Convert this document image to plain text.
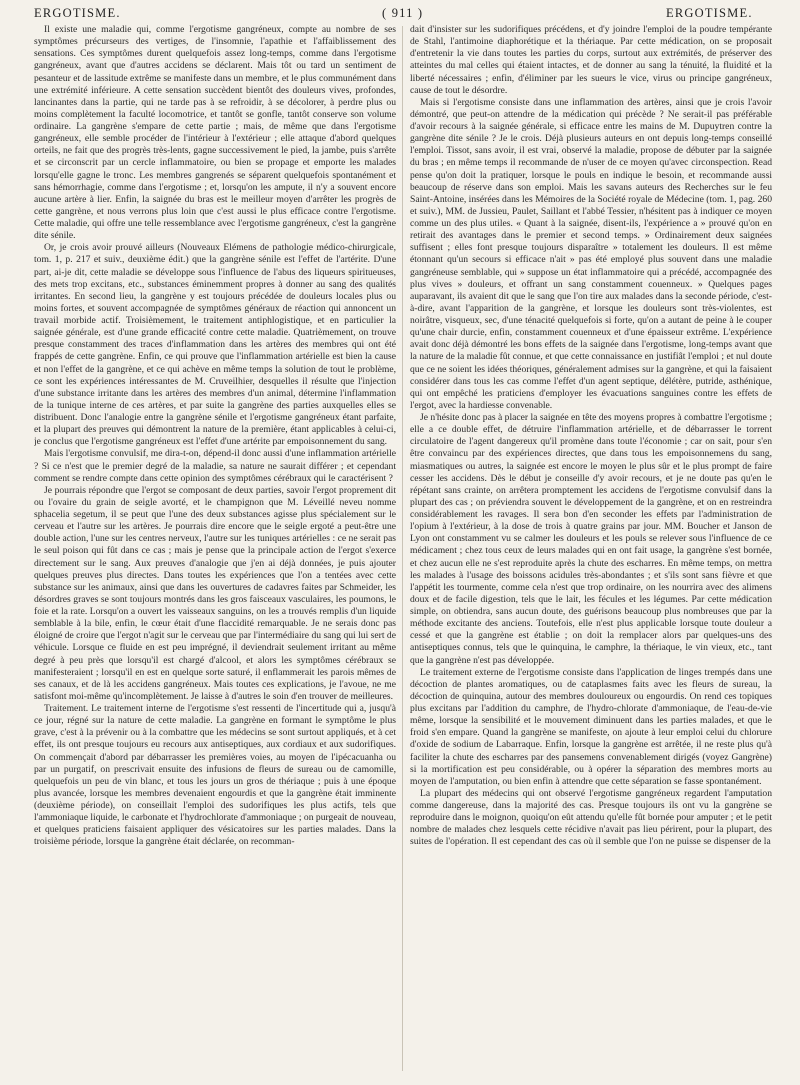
ERGOTISME.	( 911 )	ERGOTISME.

Il existe une maladie qui, comme l'ergotisme gangréneux, compte au nombre de ses symptômes précurseurs des vertiges, de l'insomnie, l'apathie et l'affaiblissement des sensations. Ces symptômes durent quelquefois assez long-temps, comme dans l'ergotisme gangréneux, avant que d'autres accidens se déclarent. Mais tôt ou tard un sentiment de pesanteur et de lassitude extrême se manifeste dans un membre, et le plus communément dans une extrémité inférieure. A cette sensation succèdent bientôt des douleurs vives, profondes, lancinantes dans la partie, qui ne tarde pas à se refroidir, à se décolorer, à perdre plus ou moins complètement la faculté locomotrice, et tantôt se gonfle, tantôt conserve son volume ordinaire. La gangrène s'empare de cette partie ; mais, de même que dans l'ergotisme gangréneux, elle semble procéder de l'intérieur à l'extérieur ; elle attaque d'abord quelques orteils, ne fait que des progrès très-lents, gagne successivement le pied, la jambe, puis s'arrête et se circonscrit par un cercle inflammatoire, ou bien se propage et emporte les malades lorsqu'elle gagne le tronc. Les membres gangrenés se séparent quelquefois spontanément et sans hémorrhagie, comme dans l'ergotisme ; et, lorsqu'on les ampute, il n'y a souvent encore aucune artère à lier. Enfin, la saignée du bras est le meilleur moyen d'arrêter les progrès de cette gangrène, et nous verrons plus loin que c'est aussi le plus efficace contre l'ergotisme. Cette maladie, qui offre une telle ressemblance avec l'ergotisme gangréneux, c'est la gangrène dite sénile.

Or, je crois avoir prouvé ailleurs (Nouveaux Elémens de pathologie médico-chirurgicale, tom. 1, p. 217 et suiv., deuxième édit.) que la gangrène sénile est l'effet de l'artérite. D'une part, ai-je dit, cette maladie se développe sous l'influence de l'abus des liqueurs spiritueuses, des mets trop excitans, etc., substances éminemment propres à donner au sang des qualités irritantes. En second lieu, la gangrène y est toujours précédée de douleurs locales plus ou moins fortes, et souvent accompagnée de symptômes généraux de réaction qui annoncent un travail morbide actif. Troisièmement, le traitement antiphlogistique, et en particulier la saignée générale, est d'une grande efficacité contre cette maladie. Quatrièmement, on trouve presque constamment des traces d'inflammation dans les artères des membres qui ont été frappés de cette gangrène. Enfin, ce qui prouve que l'inflammation artérielle est bien la cause et non l'effet de la gangrène, et ce qui achève en même temps la solution de tout le problème, ce sont les expériences intéressantes de M. Cruveilhier, desquelles il résulte que l'injection d'une substance irritante dans les artères des membres d'un animal, détermine l'inflammation de la tunique interne de ces artères, et par suite la gangrène des parties auxquelles elles se distribuent. Donc l'analogie entre la gangrène sénile et l'ergotisme gangréneux étant parfaite, et la plupart des preuves qui démontrent la nature de la première, étant applicables à celui-ci, je conclus que l'ergotisme gangréneux est l'effet d'une artérite par empoisonnement du sang.

Mais l'ergotisme convulsif, me dira-t-on, dépend-il donc aussi d'une inflammation artérielle ? Si ce n'est que le premier degré de la maladie, sa nature ne saurait différer ; et cependant comment se rendre compte dans cette opinion des symptômes cérébraux qui le caractérisent ?

Je pourrais répondre que l'ergot se composant de deux parties, savoir l'ergot proprement dit ou l'ovaire du grain de seigle avorté, et le champignon que M. Léveillé neveu nomme sphacelia segetum, il se peut que l'une des deux substances agisse plus spécialement sur le cerveau et l'autre sur les artères. Je pourrais dire encore que le seigle ergoté a peut-être une double action, l'une sur les centres nerveux, l'autre sur les tuniques artérielles : ce ne serait pas le seul poison qui fût dans ce cas ; mais je pense que la principale action de l'ergot s'exerce directement sur le sang. Aux preuves d'analogie que j'en ai déjà données, je puis ajouter quelques preuves plus directes. Dans toutes les expériences que l'on a tentées avec cette substance sur les animaux, ainsi que dans les ouvertures de cadavres faites par Schmeider, les désordres graves se sont toujours montrés dans les gros faisceaux vasculaires, les poumons, le foie et la rate. Lorsqu'on a ouvert les vaisseaux sanguins, on les a trouvés remplis d'un liquide semblable à la bile, enfin, le cœur était d'une flaccidité remarquable. Je ne serais donc pas éloigné de croire que l'ergot n'agit sur le cerveau que par l'intermédiaire du sang qui lui sert de véhicule. Lorsque ce fluide en est peu imprégné, il deviendrait seulement irritant au même degré à peu près que lorsqu'il est chargé d'alcool, et alors les symptômes cérébraux se manifesteraient ; lorsqu'il en est en quelque sorte saturé, il enflammerait les parois mêmes de ses canaux, et de là les accidens gangréneux. Mais toutes ces explications, je l'avoue, ne me satisfont moi-même qu'incomplètement. Je laisse à d'autres le soin d'en trouver de meilleures.

Traitement. Le traitement interne de l'ergotisme s'est ressenti de l'incertitude qui a, jusqu'à ce jour, régné sur la nature de cette maladie. La gangrène en formant le symptôme le plus grave, c'est à la prévenir ou à la combattre que les médecins se sont surtout appliqués, et à cet effet, ils ont presque toujours eu recours aux antiseptiques, aux cordiaux et aux sudorifiques. On commençait d'abord par débarrasser les premières voies, au moyen de l'ipécacuanha ou par un purgatif, on prescrivait ensuite des infusions de fleurs de sureau ou de camomille, quelquefois un peu de vin blanc, et tous les jours un gros de thériaque ; puis à une époque plus avancée, lorsque les membres devenaient engourdis et que la gangrène était imminente (deuxième période), on conseillait l'emploi des sudorifiques les plus actifs, tels que l'ammoniaque liquide, le carbonate et l'hydrochlorate d'ammoniaque ; on purgeait de nouveau, et quelques praticiens faisaient appliquer des vésicatoires sur les parties malades. Dans la troisième période, lorsque la gangrène était déclarée, on recomman-

dait d'insister sur les sudorifiques précédens, et d'y joindre l'emploi de la poudre tempérante de Stahl, l'antimoine diaphorétique et la thériaque. Par cette médication, on se proposait d'entretenir la vie dans toutes les parties du corps, surtout aux extrémités, de préserver des atteintes du mal celles qui étaient intactes, et de donner au sang la ténuité, la fluidité et la liberté nécessaires ; enfin, d'éliminer par les sueurs le vice, virus ou principe gangréneux, cause de tout le désordre.

Mais si l'ergotisme consiste dans une inflammation des artères, ainsi que je crois l'avoir démontré, que peut-on attendre de la médication qui précède ? Ne serait-il pas préférable d'avoir recours à la saignée générale, si efficace entre les mains de M. Dupuytren contre la gangrène dite sénile ? Je le crois. Déjà plusieurs auteurs en ont depuis long-temps conseillé l'emploi. Tissot, sans avoir, il est vrai, observé la maladie, propose de débuter par la saignée du bras ; en même temps il recommande de n'user de ce moyen qu'avec circonspection. Read pense qu'on doit la pratiquer, lorsque le pouls en indique le besoin, et recommande aussi beaucoup de réserve dans son emploi. Mais les savans auteurs des Recherches sur le feu Saint-Antoine, insérées dans les Mémoires de la Société royale de Médecine (tom. 1, pag. 260 et suiv.), MM. de Jussieu, Paulet, Saillant et l'abbé Tessier, n'hésitent pas à indiquer ce moyen comme un des plus utiles. « Quant à la saignée, disent-ils, l'expérience a » prouvé qu'on en retirait des avantages dans le premier et second temps. » Ordinairement deux saignées suffisent ; elles font presque toujours disparaître » totalement les douleurs. Il est même étonnant qu'un secours si efficace n'ait » pas été employé plus souvent dans une maladie gangréneuse semblable, qui » suppose un état inflammatoire qui a précédé, accompagnée des plus vives » douleurs, et offrant un sang constamment couenneux. » Quelques pages auparavant, ils avaient dit que le sang que l'on tire aux malades dans la seconde période, c'est-à-dire, avant l'apparition de la gangrène, et lorsque les douleurs sont très-violentes, est noirâtre, visqueux, sec, d'une ténacité quelquefois si forte, qu'on a autant de peine à le couper qu'une chair durcie, enfin, constamment couenneux et d'une épaisseur extrême. L'expérience avait donc déjà démontré les bons effets de la saignée dans l'ergotisme, long-temps avant que la nature de la maladie fût connue, et que cette connaissance en justifiât l'emploi ; et nul doute que ce ne soient les idées théoriques, généralement admises sur la gangrène, et qui la faisaient considérer dans tous les cas comme l'effet d'un agent septique, délétère, putride, asthénique, qui ont empêché les praticiens d'employer les évacuations sanguines contre les effets de l'ergot, avec la hardiesse convenable.

Je n'hésite donc pas à placer la saignée en tête des moyens propres à combattre l'ergotisme ; elle a ce double effet, de détruire l'inflammation artérielle, et de débarrasser le torrent circulatoire de l'agent dangereux qu'il promène dans toute l'économie ; car on sait, pour s'en être convaincu par des expériences directes, que dans tous les empoisonnemens du sang, miasmatiques ou autres, la saignée est encore le moyen le plus sûr et le plus prompt de faire cesser les accidens. Dès le début je conseille d'y avoir recours, et je ne doute pas qu'en le répétant sans crainte, on arrêtera promptement les accidens de l'ergotisme convulsif dans la plupart des cas ; on préviendra souvent le développement de la gangrène, et on en restreindra considérablement les ravages. Il sera bon d'en seconder les effets par l'administration de l'opium à l'extérieur, à la dose de trois à quatre grains par jour. MM. Boucher et Janson de Lyon ont constamment vu se calmer les douleurs et les pouls se relever sous l'influence de ce médicament ; chez tous ceux de leurs malades qui en ont fait usage, la gangrène s'est bornée, et chez aucun elle ne s'est reproduite après la chute des escharres. En même temps, on mettra les malades à l'usage des boissons acidules très-abondantes ; et s'ils sont sans fièvre et que l'appétit les tourmente, comme cela n'est que trop ordinaire, on les nourrira avec des alimens doux et de facile digestion, tels que le lait, les fécules et les légumes. Par cette médication simple, on obtiendra, sans aucun doute, des guérisons beaucoup plus nombreuses que par la méthode excitante des anciens. Toutefois, elle n'est plus applicable lorsque toute douleur a cessé et que la gangrène est établie ; on doit la remplacer alors par quelques-uns des antiseptiques connus, tels que le quinquina, le camphre, la thériaque, le vin vieux, etc., tant que la gangrène n'est pas développée.

Le traitement externe de l'ergotisme consiste dans l'application de linges trempés dans une décoction de plantes aromatiques, ou de cataplasmes faits avec les fleurs de sureau, la décoction de quinquina, autour des membres douloureux ou engourdis. On rend ces topiques plus excitans par l'addition du camphre, de l'hydro-chlorate d'ammoniaque, de l'eau-de-vie même, lorsque la sensibilité et le mouvement diminuent dans les parties malades, et que le froid s'en empare. Quand la gangrène se manifeste, on ajoute à leur emploi celui du chlorure d'oxide de sodium de Labarraque. Enfin, lorsque la gangrène est arrêtée, il ne reste plus qu'à faciliter la chute des escharres par des pansemens convenablement dirigés (voyez Gangrène) si la mortification est peu considérable, ou à opérer la séparation des membres morts au moyen de l'amputation, ou bien enfin à attendre que cette séparation se fasse spontanément.

La plupart des médecins qui ont observé l'ergotisme gangréneux regardent l'amputation comme dangereuse, dans la majorité des cas. Presque toujours ils ont vu la gangrène se reproduire dans le moignon, quoiqu'on eût attendu qu'elle fût bornée pour amputer ; et le petit nombre de malades chez lesquels cette récidive n'avait pas lieu périrent, pour la plupart, des suites de l'opération. Il est cependant des cas où il semble que l'on ne puisse se dispenser de la
